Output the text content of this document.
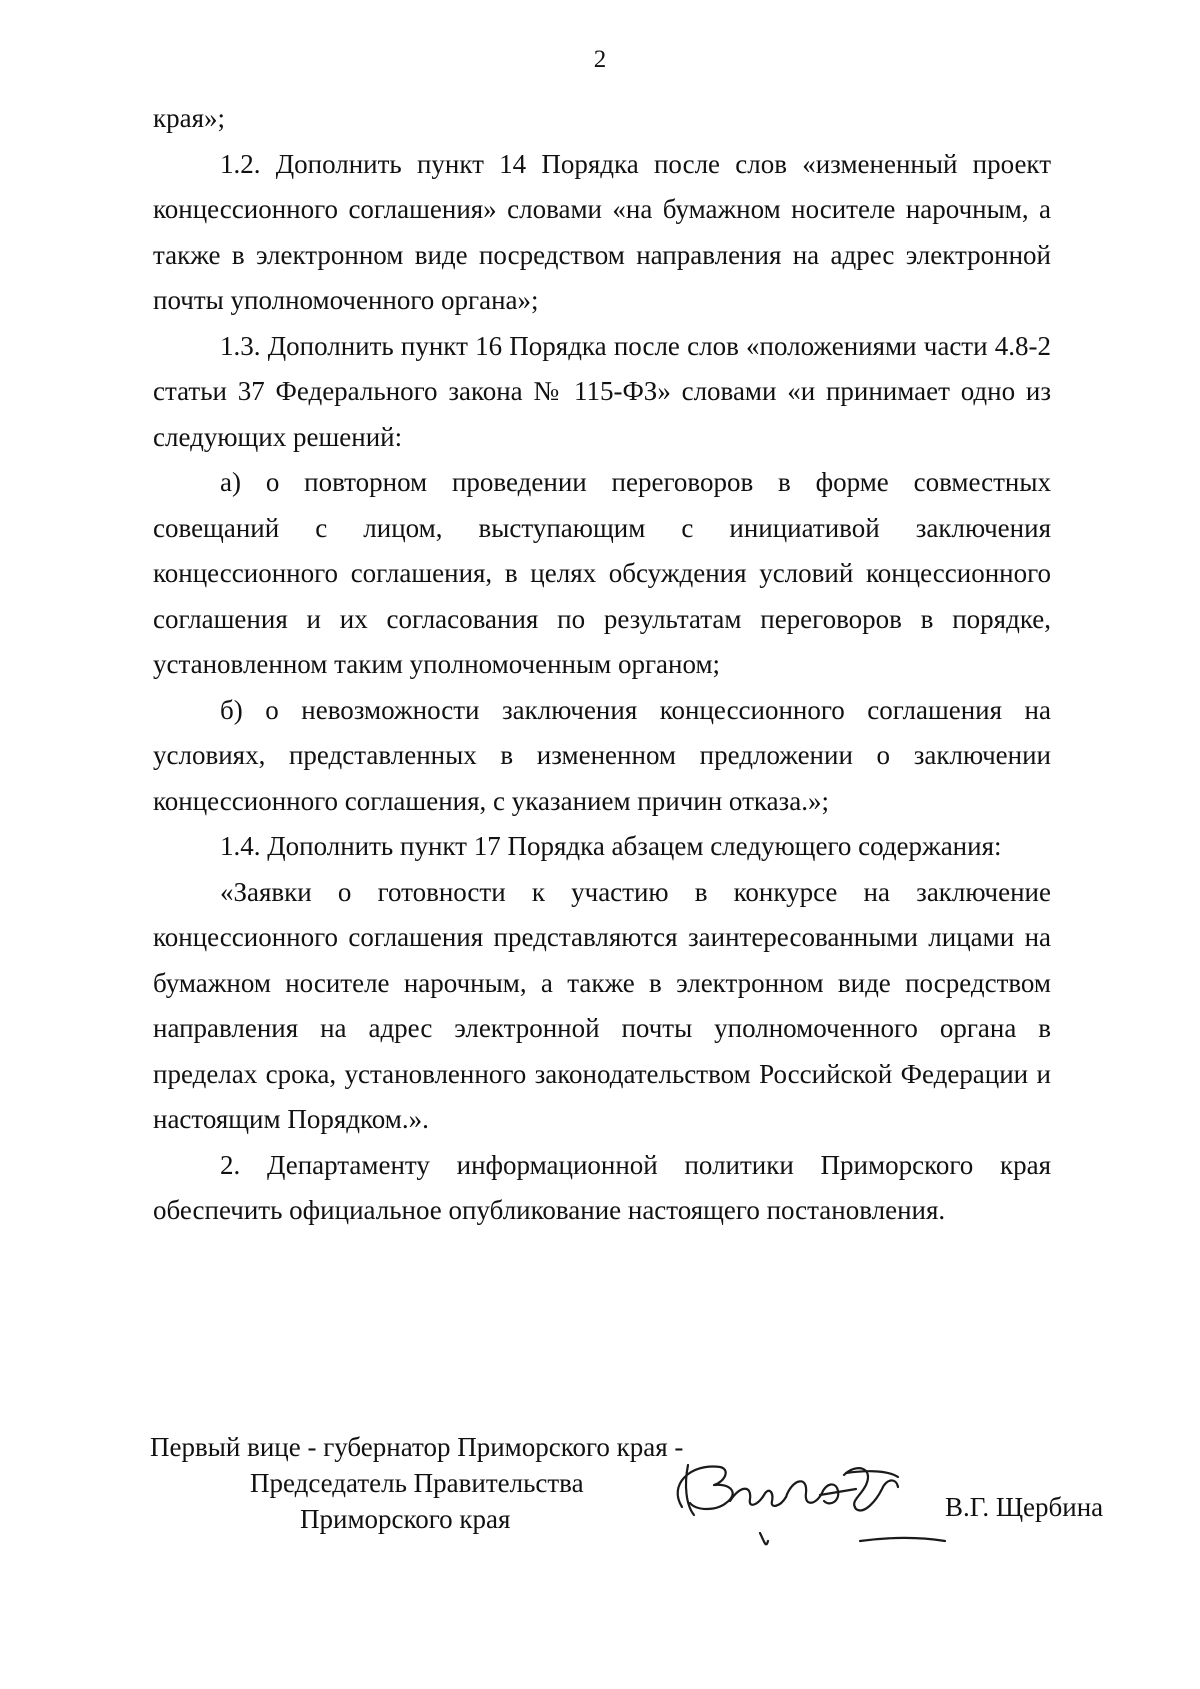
2

края»;

1.2. Дополнить пункт 14 Порядка после слов «измененный проект концессионного соглашения» словами «на бумажном носителе нарочным, а также в электронном виде посредством направления на адрес электронной почты уполномоченного органа»;

1.3. Дополнить пункт 16 Порядка после слов «положениями части 4.8-2 статьи 37 Федерального закона № 115-ФЗ» словами «и принимает одно из следующих решений:

а) о повторном проведении переговоров в форме совместных совещаний с лицом, выступающим с инициативой заключения концессионного соглашения, в целях обсуждения условий концессионного соглашения и их согласования по результатам переговоров в порядке, установленном таким уполномоченным органом;

б) о невозможности заключения концессионного соглашения на условиях, представленных в измененном предложении о заключении концессионного соглашения, с указанием причин отказа.»;

1.4. Дополнить пункт 17 Порядка абзацем следующего содержания:

«Заявки о готовности к участию в конкурсе на заключение концессионного соглашения представляются заинтересованными лицами на бумажном носителе нарочным, а также в электронном виде посредством направления на адрес электронной почты уполномоченного органа в пределах срока, установленного законодательством Российской Федерации и настоящим Порядком.».

2. Департаменту информационной политики Приморского края обеспечить официальное опубликование настоящего постановления.

Первый вице - губернатор Приморского края -

Председатель Правительства

Приморского края	В.Г. Щербина
